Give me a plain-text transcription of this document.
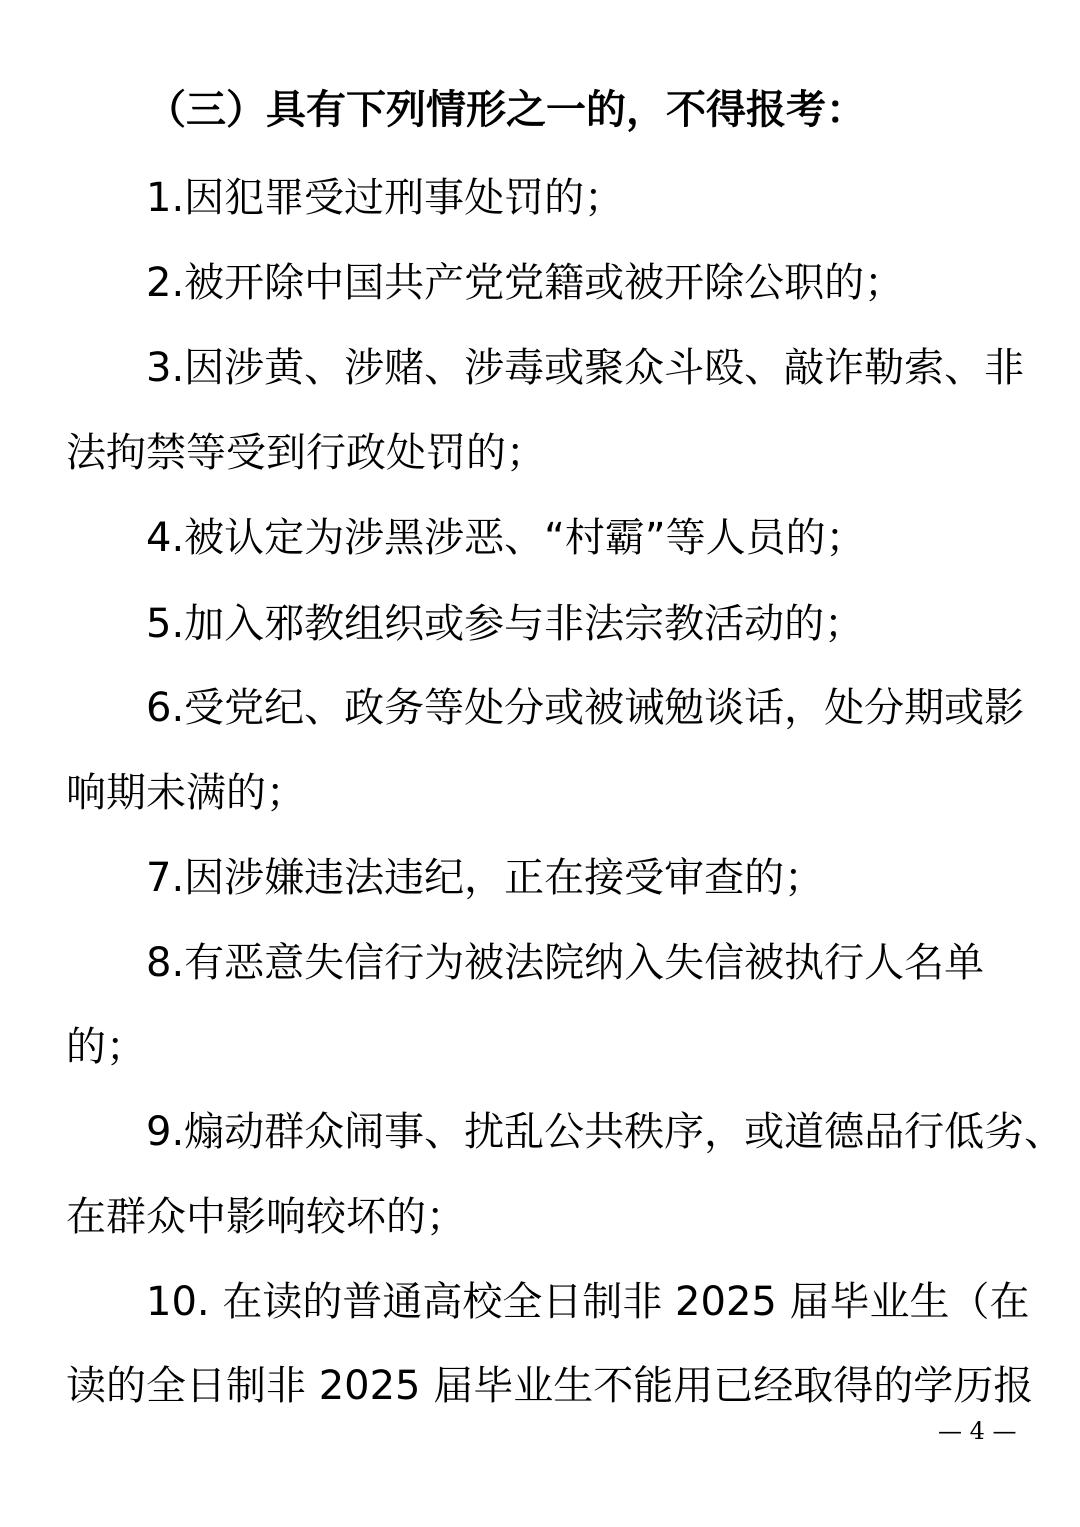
（三）具有下列情形之一的，不得报考：
1.因犯罪受过刑事处罚的；
2.被开除中国共产党党籍或被开除公职的；
3.因涉黄、涉赌、涉毒或聚众斗殴、敲诈勒索、非
法拘禁等受到行政处罚的；
4.被认定为涉黑涉恶、“村霸”等人员的；
5.加入邪教组织或参与非法宗教活动的；
6.受党纪、政务等处分或被诫勉谈话，处分期或影
响期未满的；
7.因涉嫌违法违纪，正在接受审查的；
8.有恶意失信行为被法院纳入失信被执行人名单
的；
9.煽动群众闹事、扰乱公共秩序，或道德品行低劣、
在群众中影响较坏的；
10. 在读的普通高校全日制非 2025 届毕业生（在
读的全日制非 2025 届毕业生不能用已经取得的学历报
— 4 —
